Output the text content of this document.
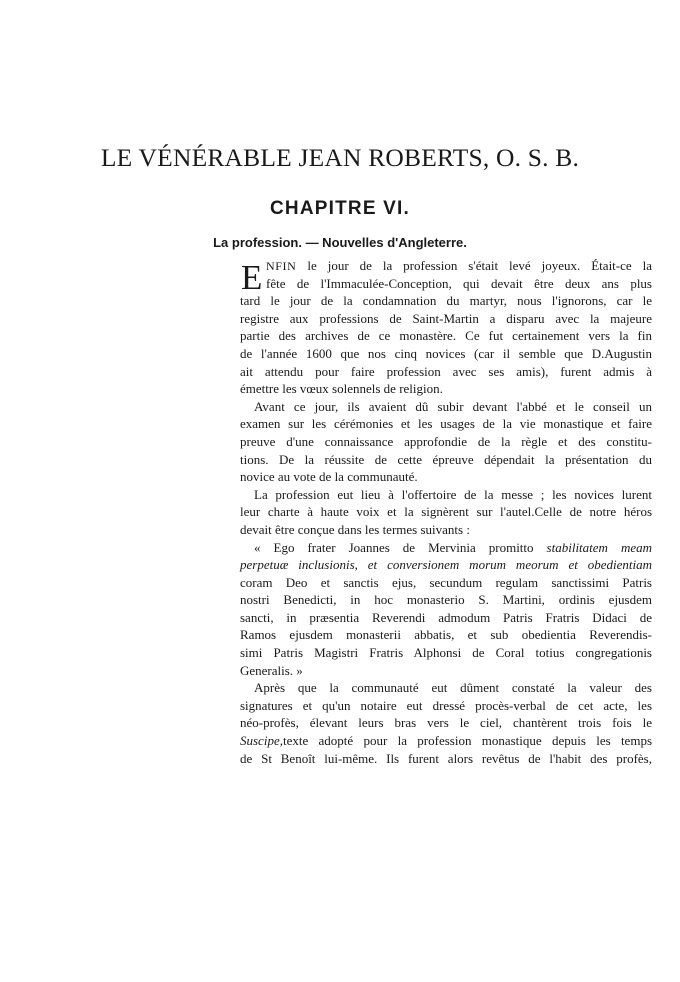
LE VÉNÉRABLE JEAN ROBERTS, O. S. B.
CHAPITRE VI.
La profession. — Nouvelles d'Angleterre.
E NFIN le jour de la profession s'était levé joyeux. Était-ce la
fête de l'Immaculée-Conception, qui devait être deux ans plus
tard le jour de la condamnation du martyr, nous l'ignorons, car le
registre aux professions de Saint-Martin a disparu avec la majeure
partie des archives de ce monastère. Ce fut certainement vers la fin
de l'année 1600 que nos cinq novices (car il semble que D.Augustin
ait attendu pour faire profession avec ses amis), furent admis à
émettre les vœux solennels de religion.
Avant ce jour, ils avaient dû subir devant l'abbé et le conseil un
examen sur les cérémonies et les usages de la vie monastique et faire
preuve d'une connaissance approfondie de la règle et des constitu-
tions. De la réussite de cette épreuve dépendait la présentation du
novice au vote de la communauté.
La profession eut lieu à l'offertoire de la messe ; les novices lurent
leur charte à haute voix et la signèrent sur l'autel.Celle de notre héros
devait être conçue dans les termes suivants :
« Ego frater Joannes de Mervinia promitto stabilitatem meam
perpetuæ inclusionis, et conversionem morum meorum et obedientiam
coram Deo et sanctis ejus, secundum regulam sanctissimi Patris
nostri Benedicti, in hoc monasterio S. Martini, ordinis ejusdem
sancti, in præsentia Reverendi admodum Patris Fratris Didaci de
Ramos ejusdem monasterii abbatis, et sub obedientia Reverendis-
simi Patris Magistri Fratris Alphonsi de Coral totius congregationis
Generalis. »
Après que la communauté eut dûment constaté la valeur des
signatures et qu'un notaire eut dressé procès-verbal de cet acte, les
néo-profès, élevant leurs bras vers le ciel, chantèrent trois fois le
Suscipe,texte adopté pour la profession monastique depuis les temps
de St Benoît lui-même. Ils furent alors revêtus de l'habit des profès,
